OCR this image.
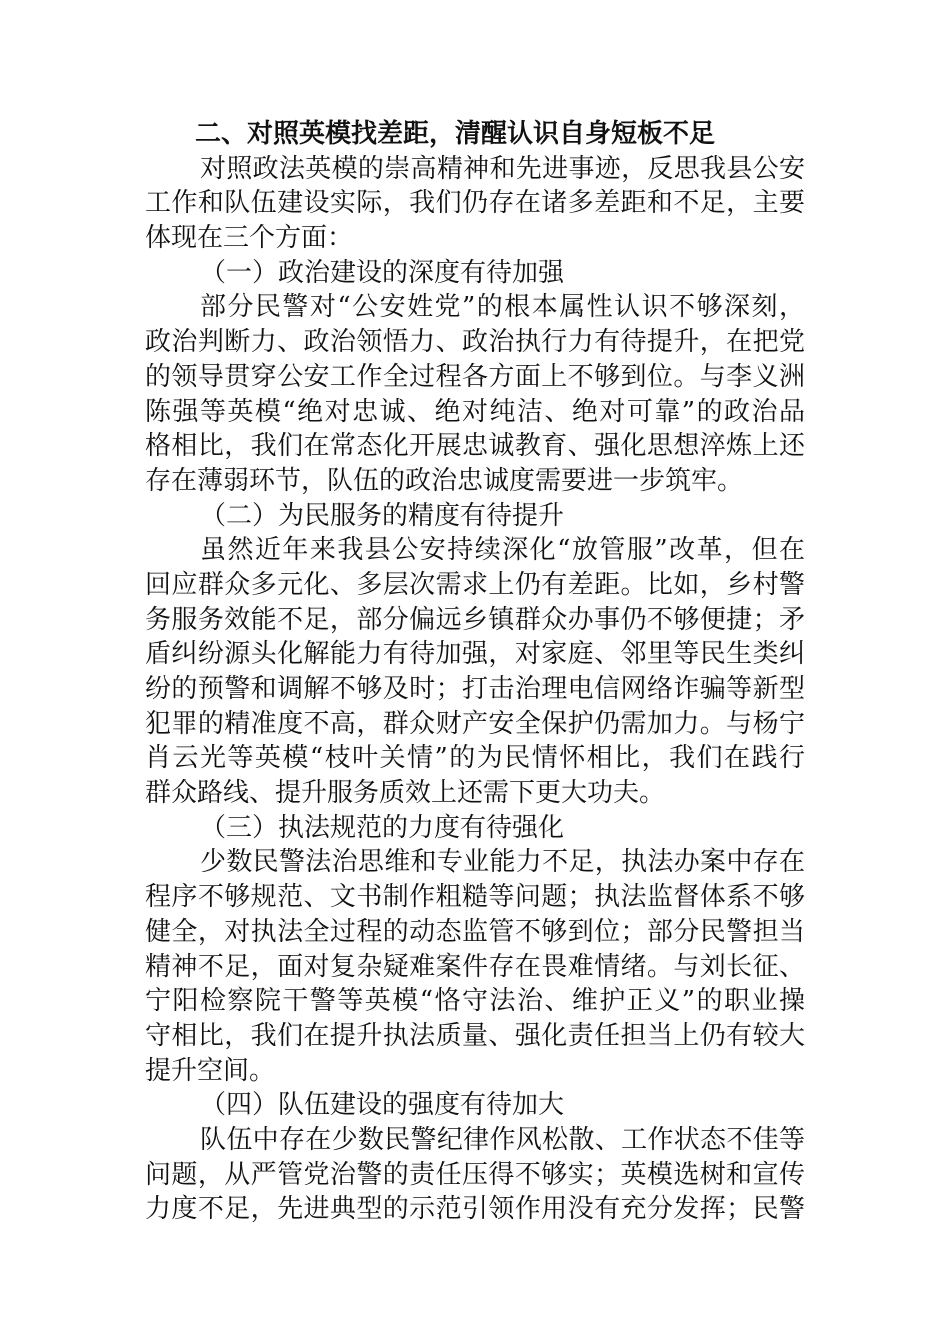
二、对照英模找差距，清醒认识自身短板不足
对照政法英模的崇高精神和先进事迹，反思我县公安
工作和队伍建设实际，我们仍存在诸多差距和不足，主要
体现在三个方面：
（一）政治建设的深度有待加强
部分民警对“公安姓党”的根本属性认识不够深刻，
政治判断力、政治领悟力、政治执行力有待提升，在把党
的领导贯穿公安工作全过程各方面上不够到位。与李义洲
陈强等英模“绝对忠诚、绝对纯洁、绝对可靠”的政治品
格相比，我们在常态化开展忠诚教育、强化思想淬炼上还
存在薄弱环节，队伍的政治忠诚度需要进一步筑牢。
（二）为民服务的精度有待提升
虽然近年来我县公安持续深化“放管服”改革，但在
回应群众多元化、多层次需求上仍有差距。比如，乡村警
务服务效能不足，部分偏远乡镇群众办事仍不够便捷；矛
盾纠纷源头化解能力有待加强，对家庭、邻里等民生类纠
纷的预警和调解不够及时；打击治理电信网络诈骗等新型
犯罪的精准度不高，群众财产安全保护仍需加力。与杨宁
肖云光等英模“枝叶关情”的为民情怀相比，我们在践行
群众路线、提升服务质效上还需下更大功夫。
（三）执法规范的力度有待强化
少数民警法治思维和专业能力不足，执法办案中存在
程序不够规范、文书制作粗糙等问题；执法监督体系不够
健全，对执法全过程的动态监管不够到位；部分民警担当
精神不足，面对复杂疑难案件存在畏难情绪。与刘长征、
宁阳检察院干警等英模“恪守法治、维护正义”的职业操
守相比，我们在提升执法质量、强化责任担当上仍有较大
提升空间。
（四）队伍建设的强度有待加大
队伍中存在少数民警纪律作风松散、工作状态不佳等
问题，从严管党治警的责任压得不够实；英模选树和宣传
力度不足，先进典型的示范引领作用没有充分发挥；民警
